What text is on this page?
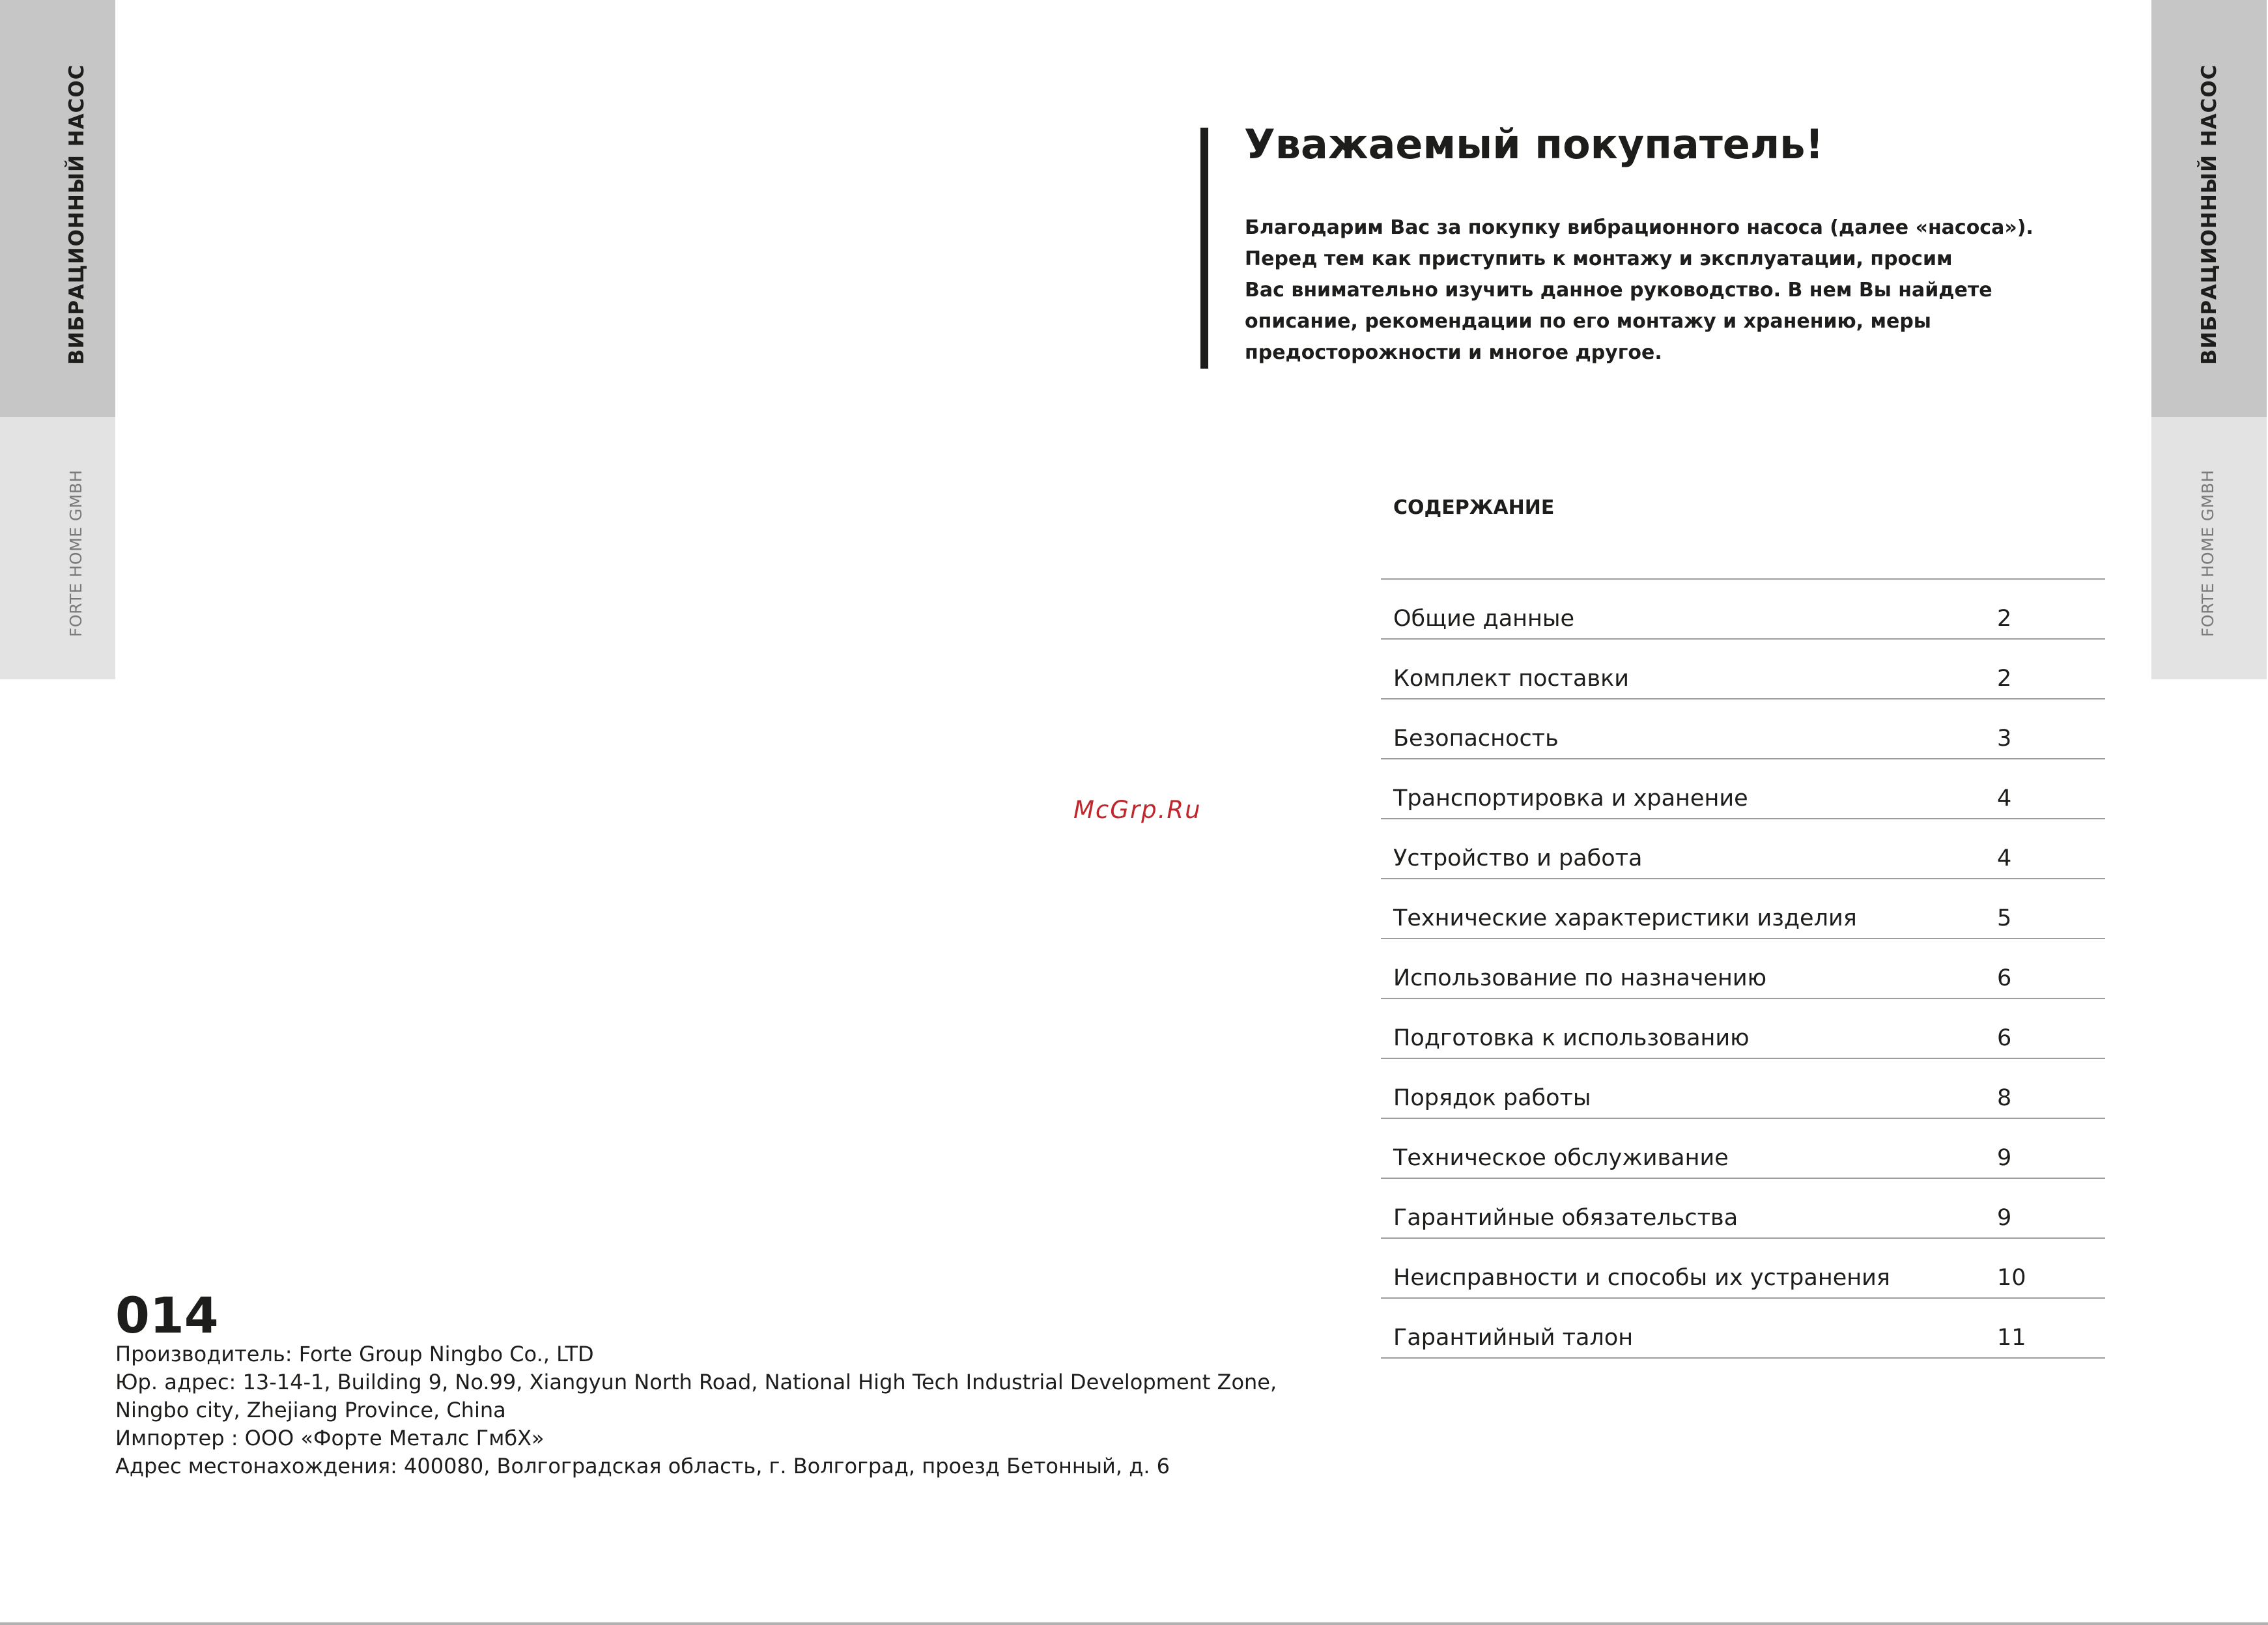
ВИБРАЦИОННЫЙ НАСОС
FORTE HOME GMBH
ВИБРАЦИОННЫЙ НАСОС
FORTE HOME GMBH
Уважаемый покупатель!
Благодарим Вас за покупку вибрационного насоса (далее «насоса»).
Перед тем как приступить к монтажу и эксплуатации, просим
Вас внимательно изучить данное руководство. В нем Вы найдете
описание, рекомендации по его монтажу и хранению, меры
предосторожности и многое другое.
McGrp.Ru
СОДЕРЖАНИЕ
Общие данные	2
Комплект поставки	2
Безопасность	3
Транспортировка и хранение	4
Устройство и работа	4
Технические характеристики изделия	5
Использование по назначению	6
Подготовка к использованию	6
Порядок работы	8
Техническое обслуживание	9
Гарантийные обязательства	9
Неисправности и способы их устранения	10
Гарантийный талон	11
014
Производитель: Forte Group Ningbo Co., LTD
Юр. адрес: 13-14-1, Building 9, No.99, Xiangyun North Road, National High Tech Industrial Development Zone,
Ningbo city, Zhejiang Province, China
Импортер : ООО «Форте Металс ГмбХ»
Адрес местонахождения: 400080, Волгоградская область, г. Волгоград, проезд Бетонный, д. 6
